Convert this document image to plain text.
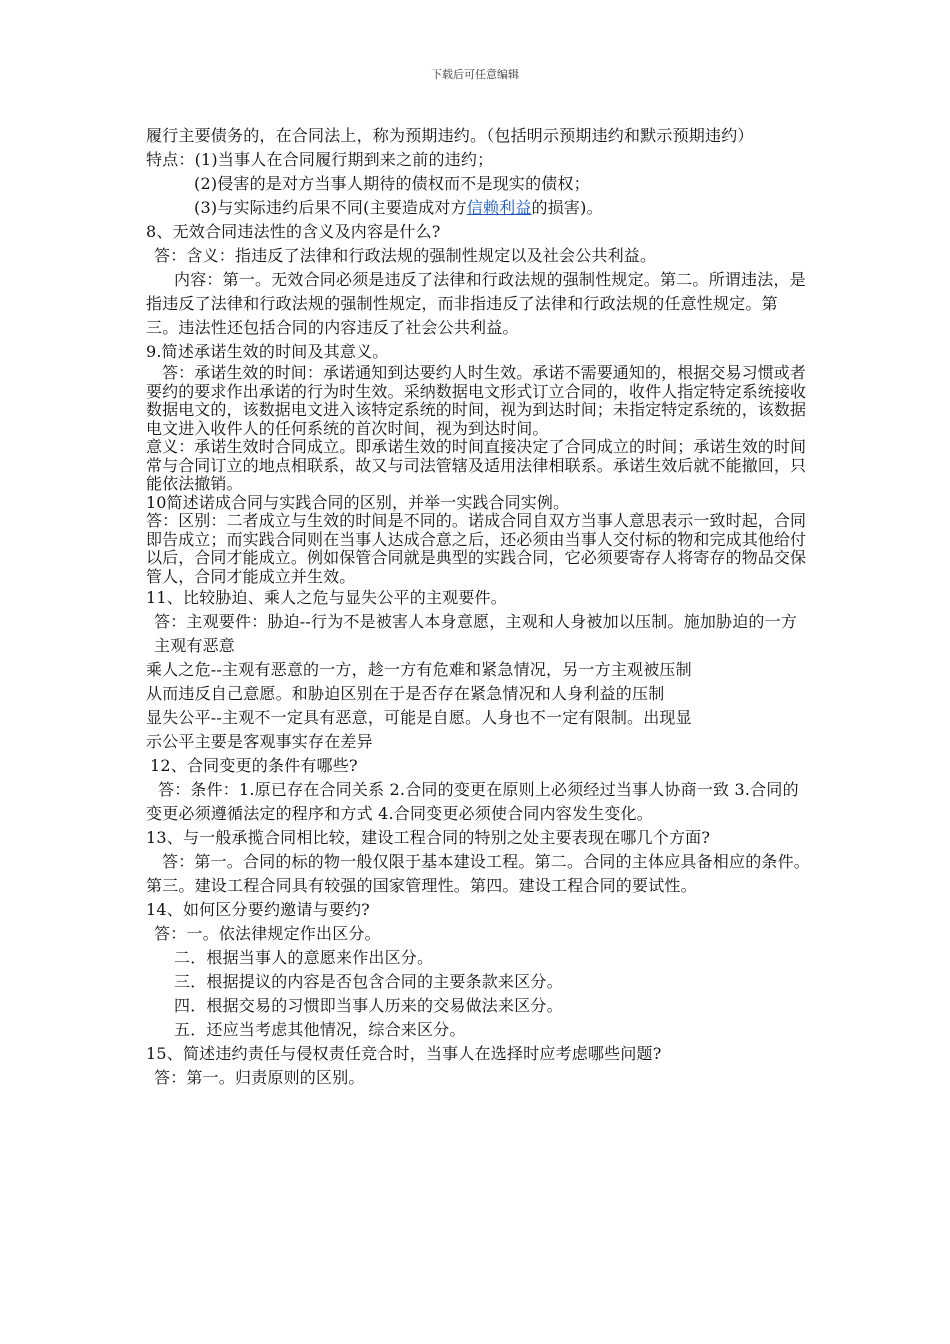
下载后可任意编辑

履行主要债务的，在合同法上，称为预期违约。（包括明示预期违约和默示预期违约）

特点：(1)当事人在合同履行期到来之前的违约；

(2)侵害的是对方当事人期待的债权而不是现实的债权；

(3)与实际违约后果不同(主要造成对方信赖利益的损害)。

8、无效合同违法性的含义及内容是什么?

答：含义：指违反了法律和行政法规的强制性规定以及社会公共利益。

内容：第一。无效合同必须是违反了法律和行政法规的强制性规定。第二。所谓违法，是指违反了法律和行政法规的强制性规定，而非指违反了法律和行政法规的任意性规定。第三。违法性还包括合同的内容违反了社会公共利益。

9.简述承诺生效的时间及其意义。

答：承诺生效的时间：承诺通知到达要约人时生效。承诺不需要通知的，根据交易习惯或者要约的要求作出承诺的行为时生效。采纳数据电文形式订立合同的，收件人指定特定系统接收数据电文的，该数据电文进入该特定系统的时间，视为到达时间；未指定特定系统的，该数据电文进入收件人的任何系统的首次时间，视为到达时间。

意义：承诺生效时合同成立。即承诺生效的时间直接决定了合同成立的时间；承诺生效的时间常与合同订立的地点相联系，故又与司法管辖及适用法律相联系。承诺生效后就不能撤回，只能依法撤销。

10简述诺成合同与实践合同的区别，并举一实践合同实例。

答：区别：二者成立与生效的时间是不同的。诺成合同自双方当事人意思表示一致时起，合同即告成立；而实践合同则在当事人达成合意之后，还必须由当事人交付标的物和完成其他给付以后，合同才能成立。例如保管合同就是典型的实践合同，它必须要寄存人将寄存的物品交保管人，合同才能成立并生效。

11、比较胁迫、乘人之危与显失公平的主观要件。

答：主观要件：胁迫--行为不是被害人本身意愿，主观和人身被加以压制。施加胁迫的一方主观有恶意

乘人之危--主观有恶意的一方，趁一方有危难和紧急情况，另一方主观被压制

从而违反自己意愿。和胁迫区别在于是否存在紧急情况和人身利益的压制

显失公平--主观不一定具有恶意，可能是自愿。人身也不一定有限制。出现显

示公平主要是客观事实存在差异

12、合同变更的条件有哪些?

答：条件：1.原已存在合同关系 2.合同的变更在原则上必须经过当事人协商一致 3.合同的变更必须遵循法定的程序和方式 4.合同变更必须使合同内容发生变化。

13、与一般承揽合同相比较，建设工程合同的特别之处主要表现在哪几个方面?

答：第一。合同的标的物一般仅限于基本建设工程。第二。合同的主体应具备相应的条件。第三。建设工程合同具有较强的国家管理性。第四。建设工程合同的要试性。

14、如何区分要约邀请与要约?

答：一。依法律规定作出区分。

二．根据当事人的意愿来作出区分。

三．根据提议的内容是否包含合同的主要条款来区分。

四．根据交易的习惯即当事人历来的交易做法来区分。

五．还应当考虑其他情况，综合来区分。

15、简述违约责任与侵权责任竞合时，当事人在选择时应考虑哪些问题?

答：第一。归责原则的区别。
